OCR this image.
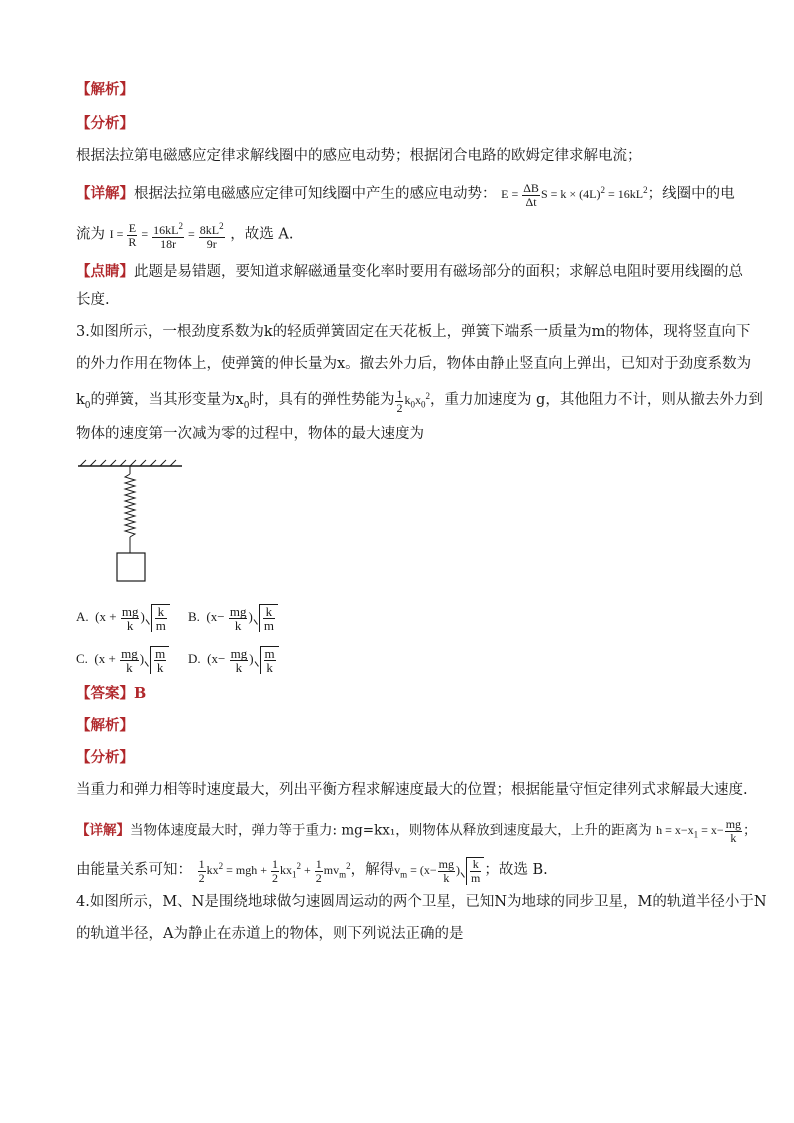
【解析】
【分析】
根据法拉第电磁感应定律求解线圈中的感应电动势；根据闭合电路的欧姆定律求解电流；
【详解】根据法拉第电磁感应定律可知线圈中产生的感应电动势： $E = \frac{\Delta B}{\Delta t}$ $S = k \times (4L)^2 = 16kL^2$；线圈中的电
流为 $I = \frac{E}{R} = \frac{16kL^2}{18r} = \frac{8kL^2}{9r}$ ，故选 A.
【点睛】此题是易错题，要知道求解磁通量变化率时要用有磁场部分的面积；求解总电阻时要用线圈的总
长度.
3.如图所示，一根劲度系数为k的轻质弹簧固定在天花板上，弹簧下端系一质量为m的物体，现将竖直向下
的外力作用在物体上，使弹簧的伸长量为x。撤去外力后，物体由静止竖直向上弹出，已知对于劲度系数为
$k_0$的弹簧，当其形变量为$x_0$时，具有的弹性势能为 $\frac{1}{2} k_0x_0^2$，重力加速度为 g，其他阻力不计，则从撤去外力到
物体的速度第一次减为零的过程中，物体的最大速度为
A.  ($x + \frac{mg}{k}$ ) $\frac{k}{m} B$.  ($x- \frac{mg}{k}$ ) $\frac{k}{m}$
C.  ($x + \frac{mg}{k}$ ) $\frac{m}{k} D$.  ($x- \frac{mg}{k}$ ) $\frac{m}{k}$
【答案】B
【解析】
【分析】
当重力和弹力相等时速度最大，列出平衡方程求解速度最大的位置；根据能量守恒定律列式求解最大速度.
【详解】当物体速度最大时，弹力等于重力: mg=kx₁，则物体从释放到速度最大，上升的距离为 $h = x-x_1 = x- \frac{mg}{k}$ ；
由能量关系可知： $\frac{1}{2} kx^2$ = mgh + $\frac{1}{2} kx_1^2 + \frac{1}{2} mv_m^2$，解得$v_m = (x- \frac{mg}{k}$ ) $\frac{k}{m}$ ；故选 B.
4.如图所示，M、N是围绕地球做匀速圆周运动的两个卫星，已知N为地球的同步卫星，M的轨道半径小于N
的轨道半径，A为静止在赤道上的物体，则下列说法正确的是
